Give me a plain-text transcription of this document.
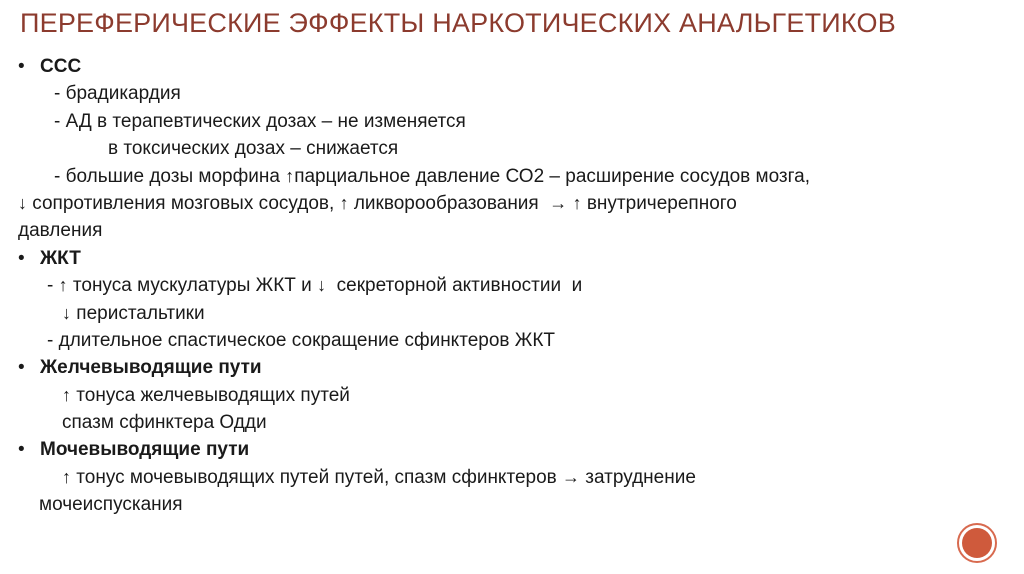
ПЕРЕФЕРИЧЕСКИЕ ЭФФЕКТЫ НАРКОТИЧЕСКИХ АНАЛЬГЕТИКОВ
• ССС
- брадикардия
- АД в терапевтических дозах – не изменяется
в токсических дозах – снижается
- большие дозы морфина ↑парциальное давление СО2 – расширение сосудов мозга,
↓ сопротивления мозговых сосудов, ↑ ликворообразования  → ↑ внутричерепного
давления
• ЖКТ
- ↑ тонуса мускулатуры ЖКТ и ↓  секреторной активностии  и
↓ перистальтики
- длительное спастическое сокращение сфинктеров ЖКТ
• Желчевыводящие пути
↑ тонуса желчевыводящих путей
спазм сфинктера Одди
• Мочевыводящие пути
↑ тонус мочевыводящих путей путей, спазм сфинктеров → затруднение
мочеиспускания
